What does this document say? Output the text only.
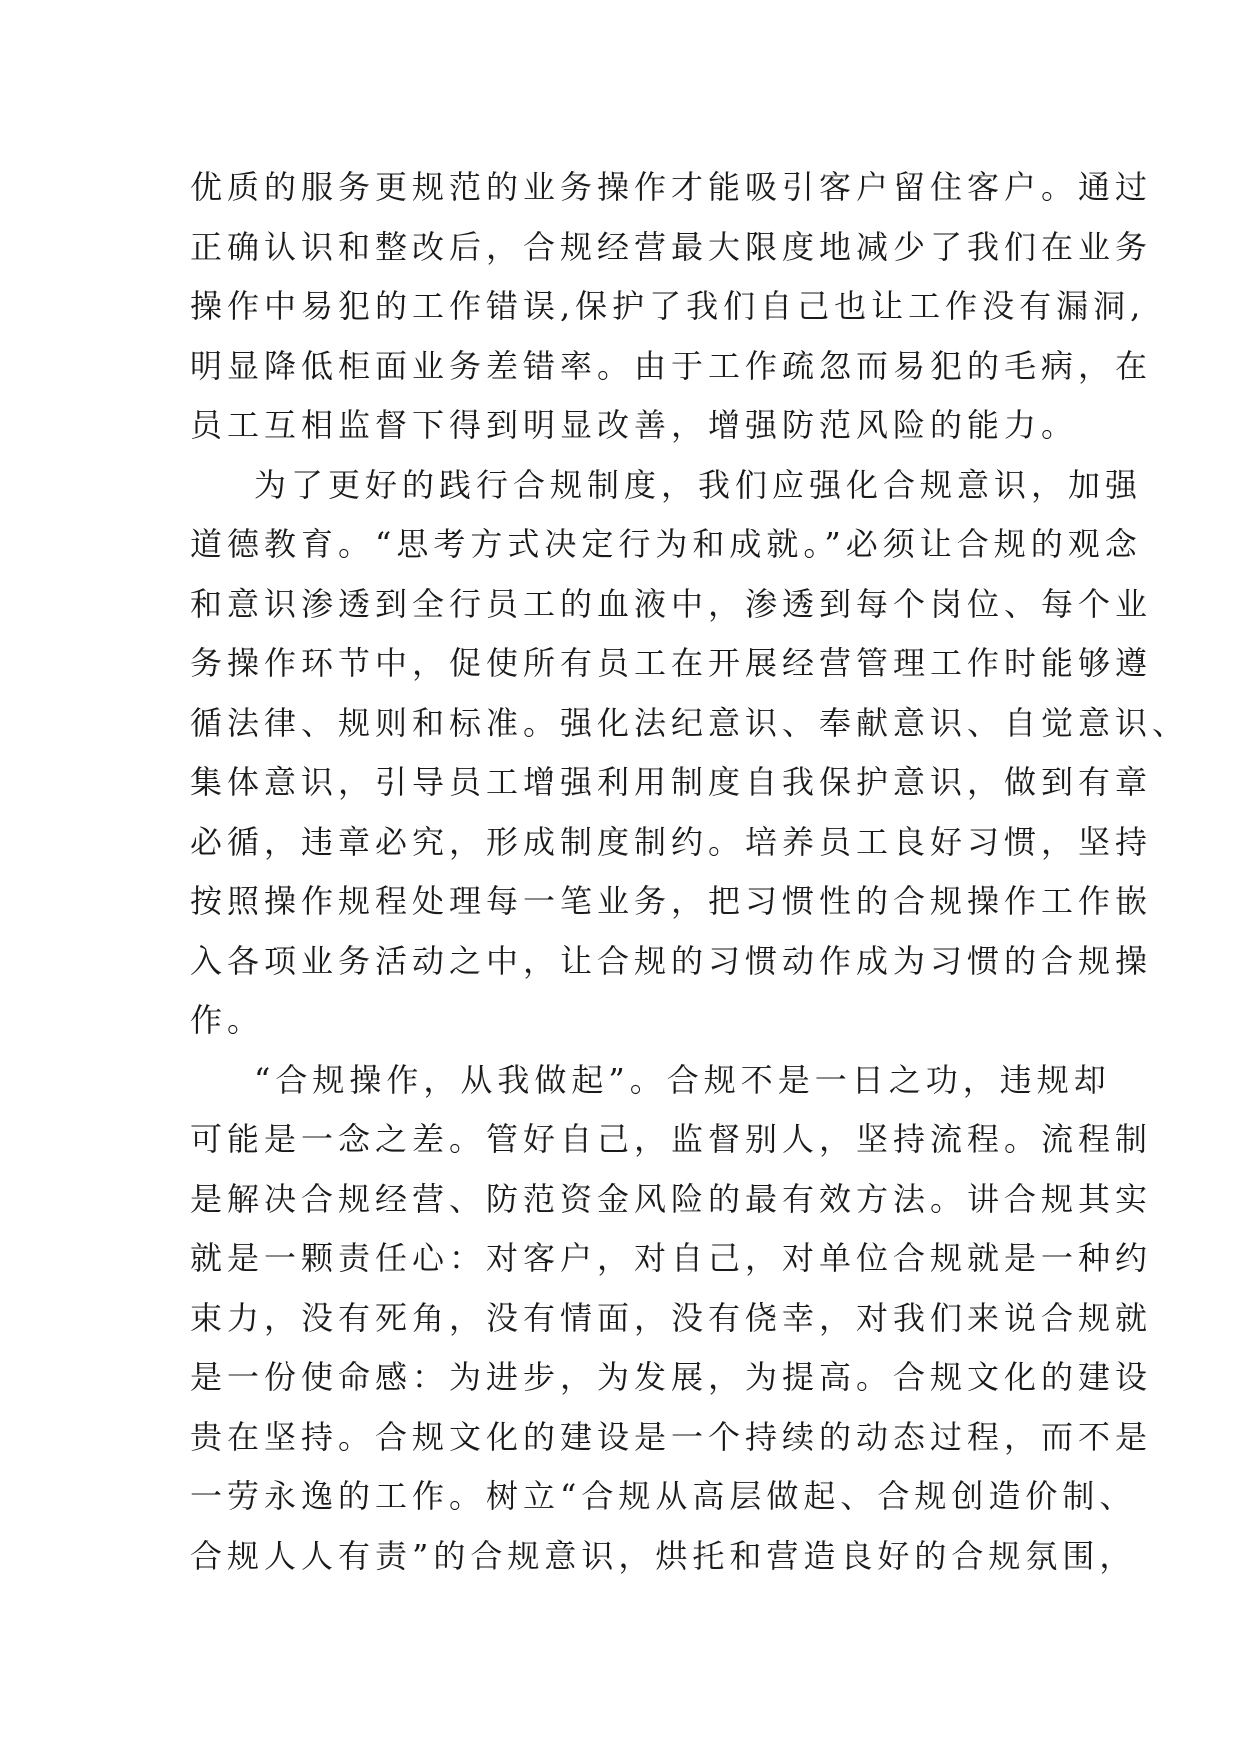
优质的服务更规范的业务操作才能吸引客户留住客户。通过
正确认识和整改后，合规经营最大限度地减少了我们在业务
操作中易犯的工作错误,保护了我们自己也让工作没有漏洞,
明显降低柜面业务差错率。由于工作疏忽而易犯的毛病，在
员工互相监督下得到明显改善，增强防范风险的能力。
为了更好的践行合规制度，我们应强化合规意识，加强
道德教育。“思考方式决定行为和成就。”必须让合规的观念
和意识渗透到全行员工的血液中，渗透到每个岗位、每个业
务操作环节中，促使所有员工在开展经营管理工作时能够遵
循法律、规则和标准。强化法纪意识、奉献意识、自觉意识、
集体意识，引导员工增强利用制度自我保护意识，做到有章
必循，违章必究，形成制度制约。培养员工良好习惯，坚持
按照操作规程处理每一笔业务，把习惯性的合规操作工作嵌
入各项业务活动之中，让合规的习惯动作成为习惯的合规操
作。
“合规操作，从我做起”。合规不是一日之功，违规却
可能是一念之差。管好自己，监督别人，坚持流程。流程制
是解决合规经营、防范资金风险的最有效方法。讲合规其实
就是一颗责任心：对客户，对自己，对单位合规就是一种约
束力，没有死角，没有情面，没有侥幸，对我们来说合规就
是一份使命感：为进步，为发展，为提高。合规文化的建设
贵在坚持。合规文化的建设是一个持续的动态过程，而不是
一劳永逸的工作。树立“合规从高层做起、合规创造价制、
合规人人有责”的合规意识，烘托和营造良好的合规氛围，
